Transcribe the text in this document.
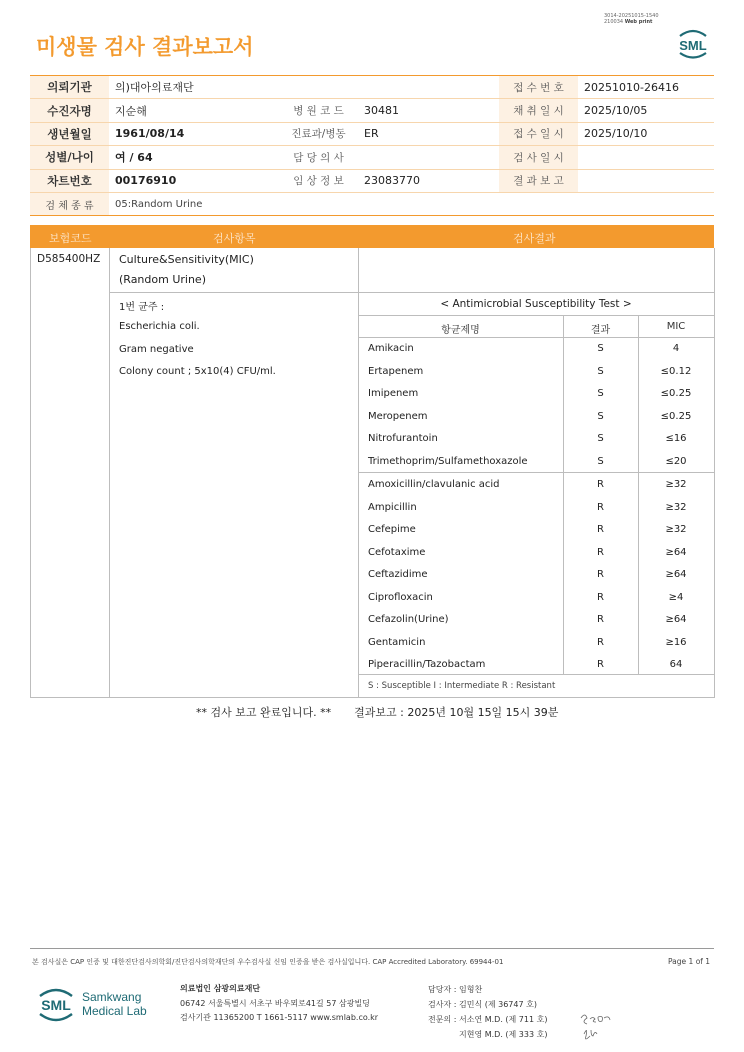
미생물 검사 결과보고서
3014-20251015-1540
210034 Web print
SML
의뢰기관	의)대아의료재단			접 수 번 호	20251010-26416
수진자명	지순해	병 원 코 드	30481	채 취 일 시	2025/10/05
생년월일	1961/08/14	진료과/병동	ER	접 수 일 시	2025/10/10
성별/나이	여 / 64	담 당 의 사		검 사 일 시	
차트번호	00176910	임 상 정 보	23083770	결 과 보 고	
검 체 종 류	05:Random Urine				
보험코드	검사항목	검사결과
D585400HZ Culture&Sensitivity(MIC)
(Random Urine)
1번 균주 :
Escherichia coli.
Gram negative
Colony count ; 5x10(4) CFU/ml.
< Antimicrobial Susceptibility Test >
항균제명	결과	MIC
Amikacin	S	4
Ertapenem	S	≤0.12
Imipenem	S	≤0.25
Meropenem	S	≤0.25
Nitrofurantoin	S	≤16
Trimethoprim/Sulfamethoxazole	S	≤20
Amoxicillin/clavulanic acid	R	≥32
Ampicillin	R	≥32
Cefepime	R	≥32
Cefotaxime	R	≥64
Ceftazidime	R	≥64
Ciprofloxacin	R	≥4
Cefazolin(Urine)	R	≥64
Gentamicin	R	≥16
Piperacillin/Tazobactam	R	64
S : Susceptible I : Intermediate R : Resistant
** 검사 보고 완료입니다. ** 결과보고 : 2025년 10월 15일 15시 39분
본 검사실은 CAP 인증 및 대한진단검사의학회/진단검사의학재단의 우수검사실 신임 인증을 받은 검사실입니다. CAP Accredited Laboratory. 69944-01	Page 1 of 1
SML Samkwang
Medical Lab
의료법인 삼광의료재단
06742 서울특별시 서초구 바우뫼로41길 57 삼광빌딩
검사기관 11365200 T 1661-5117 www.smlab.co.kr
담당자 : 임형찬
검사자 : 김민식 (제 36747 호)
전문의 : 서소연 M.D. (제 711 호)
지현영 M.D. (제 333 호)
